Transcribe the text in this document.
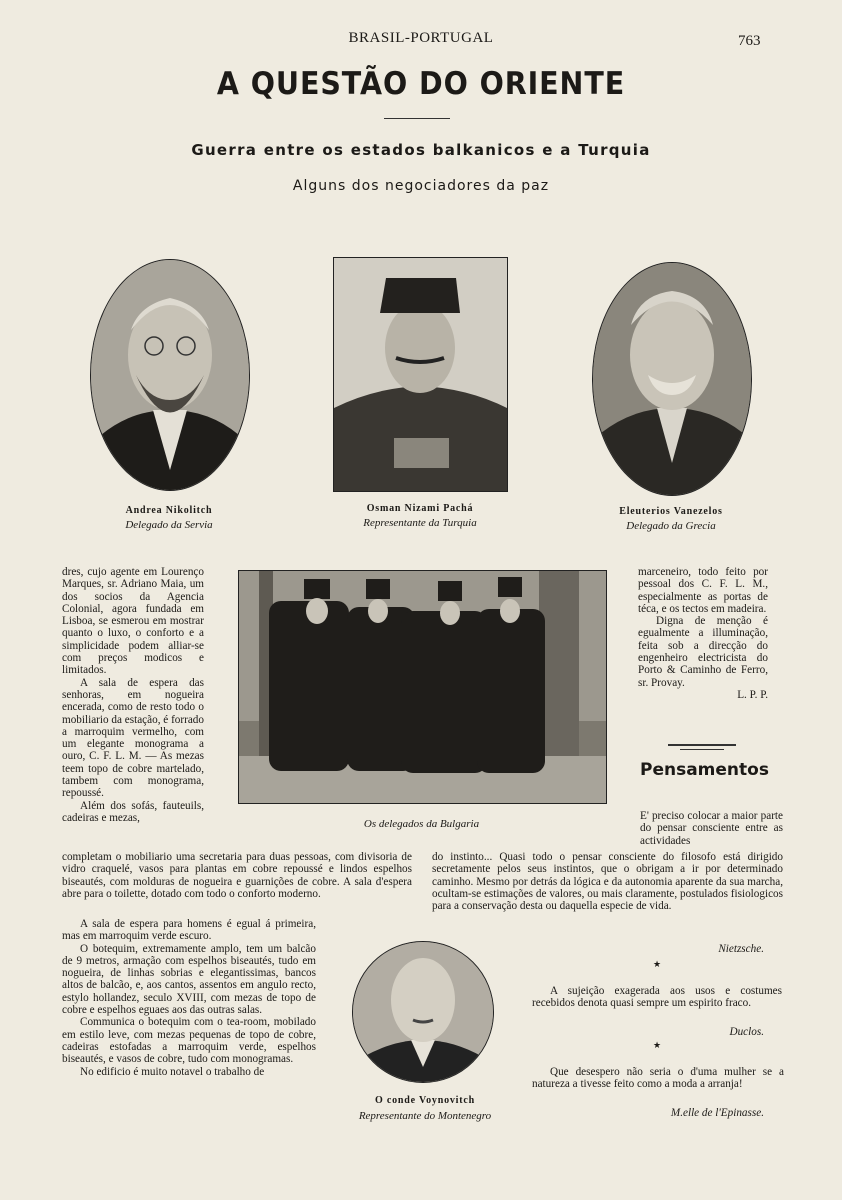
BRASIL-PORTUGAL	763
A QUESTÃO DO ORIENTE
Guerra entre os estados balkanicos e a Turquia
Alguns dos negociadores da paz
Andrea Nikolitch
Delegado da Servia
Osman Nizami Pachá
Representante da Turquia
Eleuterios Vanezelos
Delegado da Grecia
Os delegados da Bulgaria

dres, cujo agente em Lourenço Marques, sr. Adriano Maia, um dos socios da Agencia Colonial, agora fundada em Lisboa, se esmerou em mostrar quanto o luxo, o conforto e a simplicidade podem alliar-se com preços modicos e limitados.

A sala de espera das senhoras, em nogueira encerada, como de resto todo o mobiliario da estação, é forrado a marroquim vermelho, com um elegante monograma a ouro, C. F. L. M. — As mezas teem topo de cobre martelado, tambem com monograma, repoussé.

Além dos sofás, fauteuils, cadeiras e mezas,

completam o mobiliario uma secretaria para duas pessoas, com divisoria de vidro craquelé, vasos para plantas em cobre repoussé e lindos espelhos biseautés, com molduras de nogueira e guarnições de cobre. A sala d'espera abre para o toilette, dotado com todo o conforto moderno.

A sala de espera para homens é egual á primeira, mas em marroquim verde escuro.

O botequim, extremamente amplo, tem um balcão de 9 metros, armação com espelhos biseautés, tudo em nogueira, de linhas sobrias e elegantissimas, bancos altos de balcão, e, aos cantos, assentos em angulo recto, estylo hollandez, seculo XVIII, com mezas de topo de cobre e espelhos eguaes aos das outras salas.

Communica o botequim com o tea-room, mobilado em estilo leve, com mezas pequenas de topo de cobre, cadeiras estofadas a marroquim verde, espelhos biseautés, e vasos de cobre, tudo com monogramas.

No edificio é muito notavel o trabalho de

marceneiro, todo feito por pessoal dos C. F. L. M., especialmente as portas de téca, e os tectos em madeira.

Digna de menção é egualmente a illuminação, feita sob a direcção do engenheiro electricista do Porto & Caminho de Ferro, sr. Provay.

L. P. P.
Pensamentos
E' preciso colocar a maior parte do pensar consciente entre as actividades
do instinto... Quasi todo o pensar consciente do filosofo está dirigido secretamente pelos seus instintos, que o obrigam a ir por determinado caminho. Mesmo por detrás da lógica e da autonomia aparente da sua marcha, ocultam-se estimações de valores, ou mais claramente, postulados fisiologicos para a conservação desta ou daquella especie de vida.
Nietzsche.
★
A sujeição exagerada aos usos e costumes recebidos denota quasi sempre um espirito fraco.
Duclos.
★
Que desespero não seria o d'uma mulher se a natureza a tivesse feito como a moda a arranja!
M.elle de l'Epinasse.
O conde Voynovitch
Representante do Montenegro
